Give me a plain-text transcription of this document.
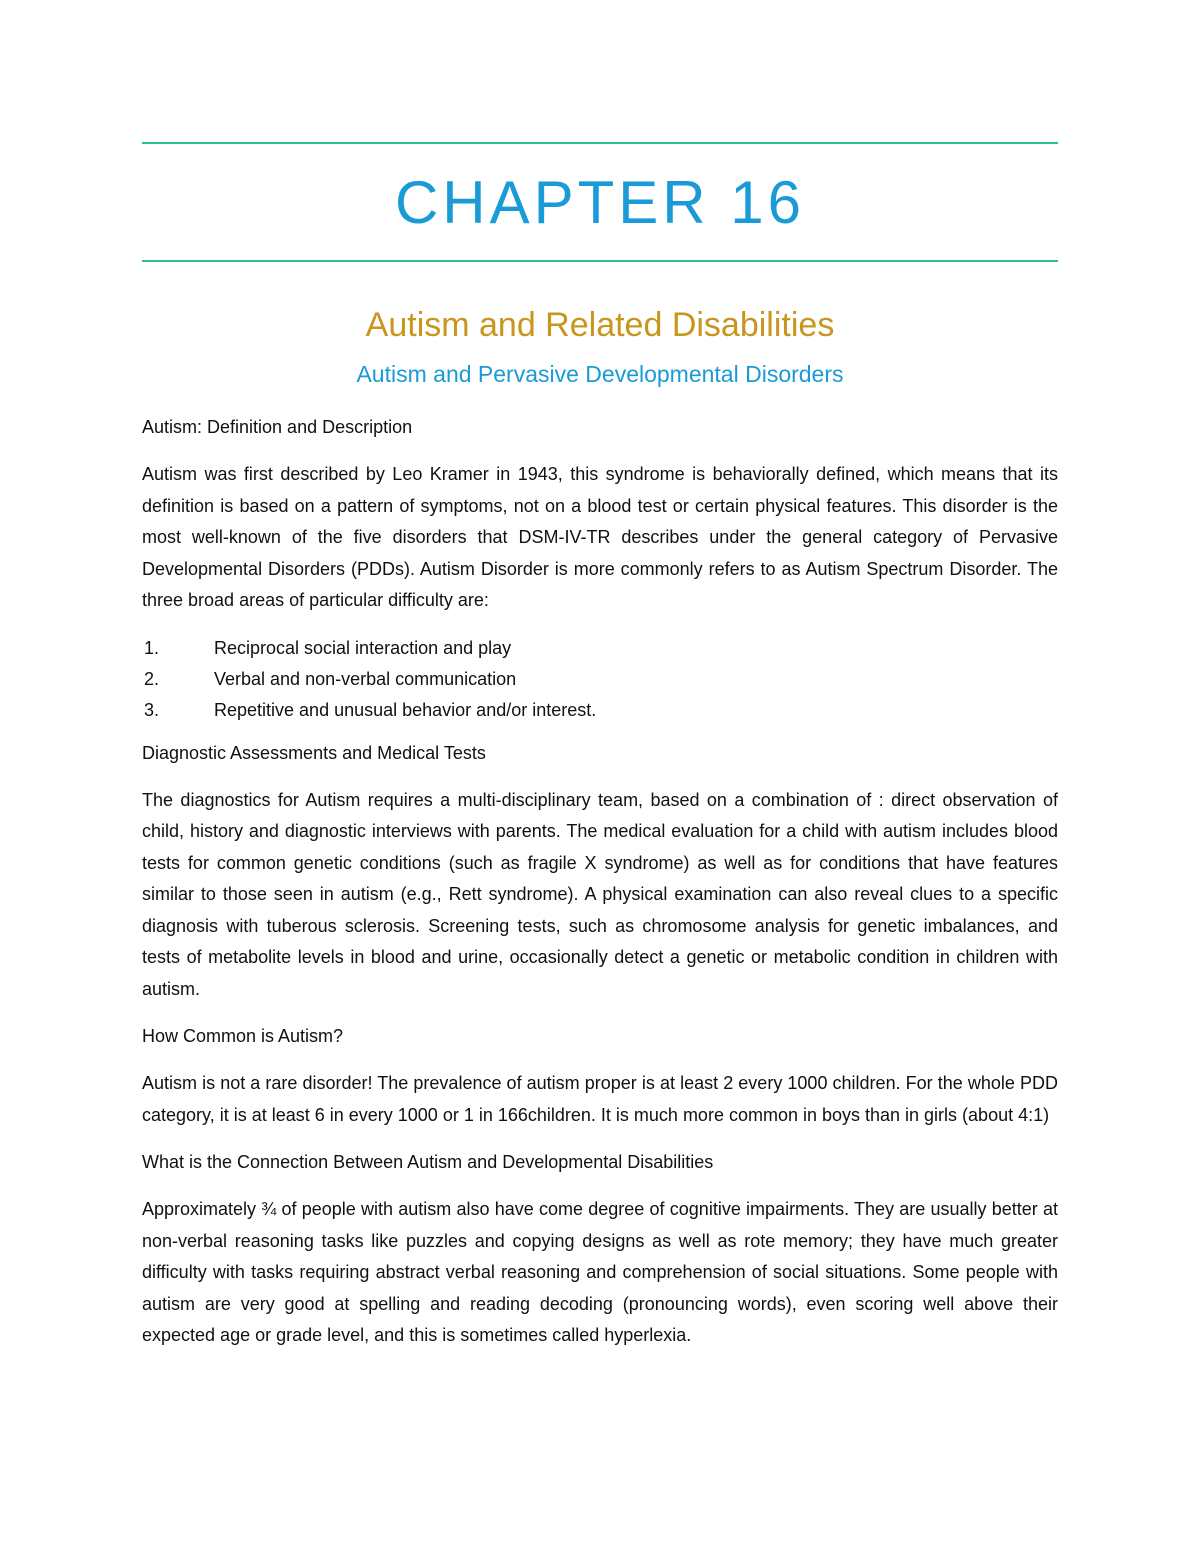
CHAPTER 16
Autism and Related Disabilities
Autism and Pervasive Developmental Disorders

Autism: Definition and Description

Autism was first described by Leo Kramer in 1943, this syndrome is behaviorally defined, which means that its definition is based on a pattern of symptoms, not on a blood test or certain physical features. This disorder is the most well-known of the five disorders that DSM-IV-TR describes under the general category of Pervasive Developmental Disorders (PDDs). Autism Disorder is more commonly refers to as Autism Spectrum Disorder. The three broad areas of particular difficulty are:

1.	Reciprocal social interaction and play
2.	Verbal and non-verbal communication
3.	Repetitive and unusual behavior and/or interest.

Diagnostic Assessments and Medical Tests

The diagnostics for Autism requires a multi-disciplinary team, based on a combination of : direct observation of child, history and diagnostic interviews with parents. The medical evaluation for a child with autism includes blood tests for common genetic conditions (such as fragile X syndrome) as well as for conditions that have features similar to those seen in autism (e.g., Rett syndrome). A physical examination can also reveal clues to a specific diagnosis with tuberous sclerosis. Screening tests, such as chromosome analysis for genetic imbalances, and tests of metabolite levels in blood and urine, occasionally detect a genetic or metabolic condition in children with autism.

How Common is Autism?

Autism is not a rare disorder! The prevalence of autism proper is at least 2 every 1000 children. For the whole PDD category, it is at least 6 in every 1000 or 1 in 166children. It is much more common in boys than in girls (about 4:1)

What is the Connection Between Autism and Developmental Disabilities

Approximately ¾ of people with autism also have come degree of cognitive impairments. They are usually better at non-verbal reasoning tasks like puzzles and copying designs as well as rote memory; they have much greater difficulty with tasks requiring abstract verbal reasoning and comprehension of social situations. Some people with autism are very good at spelling and reading decoding (pronouncing words), even scoring well above their expected age or grade level, and this is sometimes called hyperlexia.
